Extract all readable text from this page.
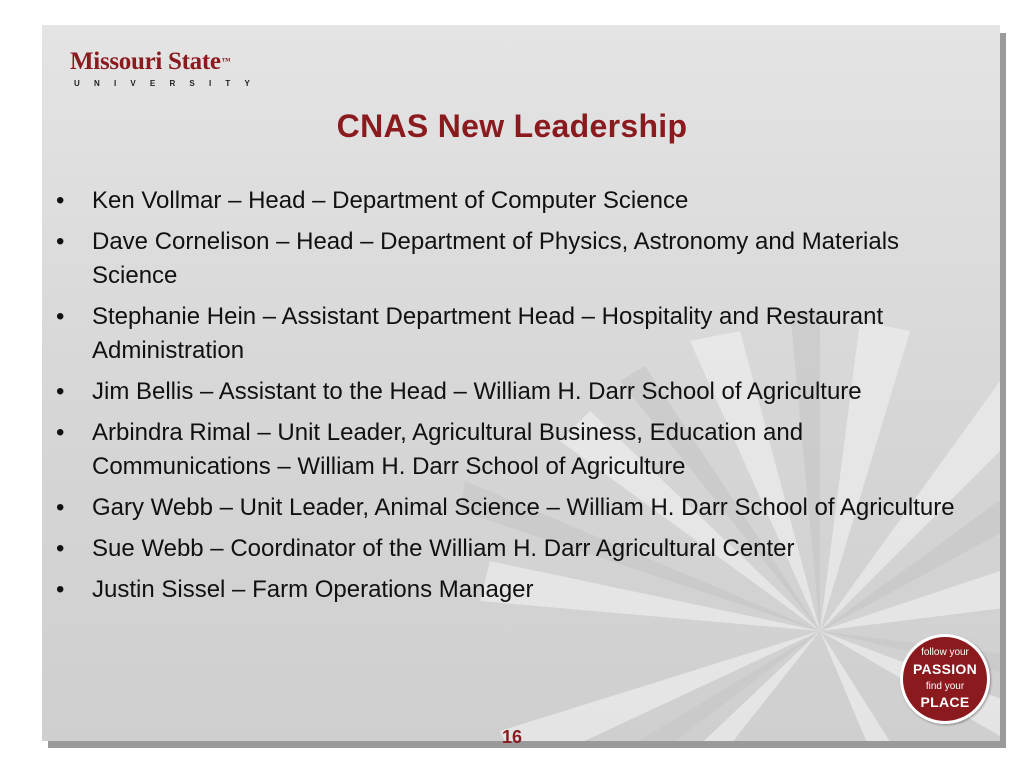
Missouri State™
UNIVERSITY
CNAS New Leadership
•	Ken Vollmar – Head – Department of Computer Science
•	Dave Cornelison – Head – Department of Physics, Astronomy and Materials Science
•	Stephanie Hein – Assistant Department Head – Hospitality and Restaurant Administration
•	Jim Bellis – Assistant to the Head – William H. Darr School of Agriculture
•	Arbindra Rimal – Unit Leader, Agricultural Business, Education and Communications – William H. Darr School of Agriculture
•	Gary Webb – Unit Leader, Animal Science – William H. Darr School of Agriculture
•	Sue Webb – Coordinator of the William H. Darr Agricultural Center
•	Justin Sissel – Farm Operations Manager
follow your
PASSION
find your
PLACE
16
